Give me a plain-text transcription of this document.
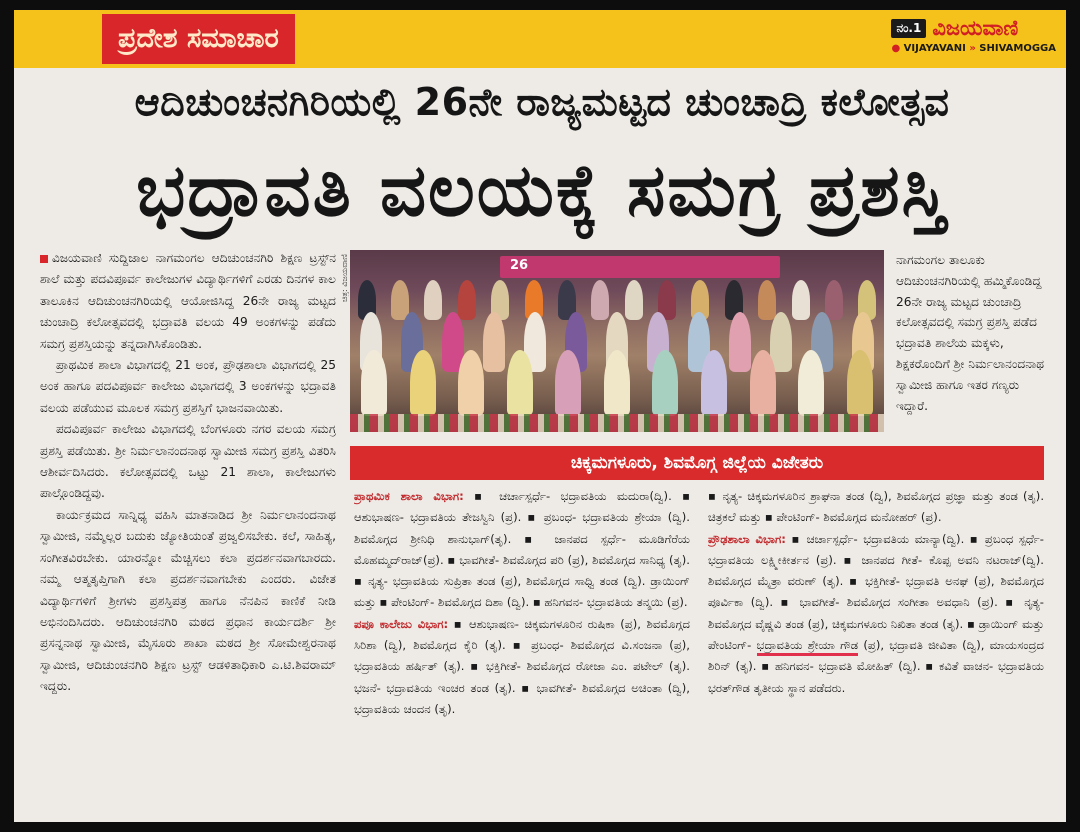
ಪ್ರದೇಶ ಸಮಾಚಾರ	ನಂ.1 ವಿಜಯವಾಣಿ
● VIJAYAVANI » SHIVAMOGGA
ಆದಿಚುಂಚನಗಿರಿಯಲ್ಲಿ 26ನೇ ರಾಜ್ಯಮಟ್ಟದ ಚುಂಚಾದ್ರಿ ಕಲೋತ್ಸವ
ಭದ್ರಾವತಿ ವಲಯಕ್ಕೆ ಸಮಗ್ರ ಪ್ರಶಸ್ತಿ

ವಿಜಯವಾಣಿ ಸುದ್ದಿಜಾಲ ನಾಗಮಂಗಲ ಆದಿಚುಂಚನಗಿರಿ ಶಿಕ್ಷಣ ಟ್ರಸ್ಟ್‌ನ ಶಾಲೆ ಮತ್ತು ಪದವಿಪೂರ್ವ ಕಾಲೇಜುಗಳ ವಿದ್ಯಾರ್ಥಿಗಳಿಗೆ ಎರಡು ದಿನಗಳ ಕಾಲ ತಾಲೂಕಿನ ಆದಿಚುಂಚನಗಿರಿಯಲ್ಲಿ ಆಯೋಜಿಸಿದ್ದ 26ನೇ ರಾಜ್ಯ ಮಟ್ಟದ ಚುಂಚಾದ್ರಿ ಕಲೋತ್ಸವದಲ್ಲಿ ಭದ್ರಾವತಿ ವಲಯ 49 ಅಂಕಗಳನ್ನು ಪಡೆದು ಸಮಗ್ರ ಪ್ರಶಸ್ತಿಯನ್ನು ತನ್ನದಾಗಿಸಿಕೊಂಡಿತು.

ಪ್ರಾಥಮಿಕ ಶಾಲಾ ವಿಭಾಗದಲ್ಲಿ 21 ಅಂಕ, ಪ್ರೌಢಶಾಲಾ ವಿಭಾಗದಲ್ಲಿ 25 ಅಂಕ ಹಾಗೂ ಪದವಿಪೂರ್ವ ಕಾಲೇಜು ವಿಭಾಗದಲ್ಲಿ 3 ಅಂಕಗಳನ್ನು ಭದ್ರಾವತಿ ವಲಯ ಪಡೆಯುವ ಮೂಲಕ ಸಮಗ್ರ ಪ್ರಶಸ್ತಿಗೆ ಭಾಜನವಾಯಿತು.

ಪದವಿಪೂರ್ವ ಕಾಲೇಜು ವಿಭಾಗದಲ್ಲಿ ಬೆಂಗಳೂರು ನಗರ ವಲಯ ಸಮಗ್ರ ಪ್ರಶಸ್ತಿ ಪಡೆಯಿತು. ಶ್ರೀ ನಿರ್ಮಲಾನಂದನಾಥ ಸ್ವಾಮೀಜಿ ಸಮಗ್ರ ಪ್ರಶಸ್ತಿ ವಿತರಿಸಿ ಆಶೀರ್ವದಿಸಿದರು. ಕಲೋತ್ಸವದಲ್ಲಿ ಒಟ್ಟು 21 ಶಾಲಾ, ಕಾಲೇಜುಗಳು ಪಾಲ್ಗೊಂಡಿದ್ದವು.

ಕಾರ್ಯಕ್ರಮದ ಸಾನ್ನಿಧ್ಯ ವಹಿಸಿ ಮಾತನಾಡಿದ ಶ್ರೀ ನಿರ್ಮಲಾನಂದನಾಥ ಸ್ವಾಮೀಜಿ, ನಮ್ಮೆಲ್ಲರ ಬದುಕು ಜ್ಯೋತಿಯಂತೆ ಪ್ರಜ್ವಲಿಸಬೇಕು. ಕಲೆ, ಸಾಹಿತ್ಯ, ಸಂಗೀತವಿರಬೇಕು. ಯಾರನ್ನೋ ಮೆಚ್ಚಿಸಲು ಕಲಾ ಪ್ರದರ್ಶನವಾಗಬಾರದು. ನಮ್ಮ ಆತ್ಮತೃಪ್ತಿಗಾಗಿ ಕಲಾ ಪ್ರದರ್ಶನವಾಗಬೇಕು ಎಂದರು. ವಿಜೇತ ವಿದ್ಯಾರ್ಥಿಗಳಿಗೆ ಶ್ರೀಗಳು ಪ್ರಶಸ್ತಿಪತ್ರ ಹಾಗೂ ನೆನಪಿನ ಕಾಣಿಕೆ ನೀಡಿ ಅಭಿನಂದಿಸಿದರು. ಆದಿಚುಂಚನಗಿರಿ ಮಠದ ಪ್ರಧಾನ ಕಾರ್ಯದರ್ಶಿ ಶ್ರೀ ಪ್ರಸನ್ನನಾಥ ಸ್ವಾಮೀಜಿ, ಮೈಸೂರು ಶಾಖಾ ಮಠದ ಶ್ರೀ ಸೋಮೇಶ್ವರನಾಥ ಸ್ವಾಮೀಜಿ, ಆದಿಚುಂಚನಗಿರಿ ಶಿಕ್ಷಣ ಟ್ರಸ್ಟ್ ಆಡಳಿತಾಧಿಕಾರಿ ಎ.ಟಿ.ಶಿವರಾಮ್ ಇದ್ದರು.

ಚಿತ್ರ: ವಿಜಯವಾಣಿ	26	ನಾಗಮಂಗಲ ತಾಲೂಕು ಆದಿಚುಂಚನಗಿರಿಯಲ್ಲಿ ಹಮ್ಮಿಕೊಂಡಿದ್ದ 26ನೇ ರಾಜ್ಯ ಮಟ್ಟದ ಚುಂಚಾದ್ರಿ ಕಲೋತ್ಸವದಲ್ಲಿ ಸಮಗ್ರ ಪ್ರಶಸ್ತಿ ಪಡೆದ ಭದ್ರಾವತಿ ಶಾಲೆಯ ಮಕ್ಕಳು, ಶಿಕ್ಷಕರೊಂದಿಗೆ ಶ್ರೀ ನಿರ್ಮಲಾನಂದನಾಥ ಸ್ವಾಮೀಜಿ ಹಾಗೂ ಇತರ ಗಣ್ಯರು ಇದ್ದಾರೆ.
ಚಿಕ್ಕಮಗಳೂರು, ಶಿವಮೊಗ್ಗ ಜಿಲ್ಲೆಯ ವಿಜೇತರು
ಪ್ರಾಥಮಿಕ ಶಾಲಾ ವಿಭಾಗ: ▪ ಚರ್ಚಾಸ್ಪರ್ಧೆ- ಭದ್ರಾವತಿಯ ಮದುರಾ(ದ್ವಿ). ▪ ಆಶುಭಾಷಣ- ಭದ್ರಾವತಿಯ ತೇಜಸ್ವಿನಿ (ಪ್ರ). ▪ ಪ್ರಬಂಧ- ಭದ್ರಾವತಿಯ ಶ್ರೇಯಾ (ದ್ವಿ). ಶಿವಮೊಗ್ಗದ ಶ್ರೀನಿಧಿ ಶಾನುಭಾಗ್(ತೃ). ▪ ಜಾನಪದ ಸ್ಪರ್ಧೆ- ಮೂಡಿಗೆರೆಯ ಮೊಹಮ್ಮದ್‌ರಾಜ್(ಪ್ರ). ▪ ಭಾವಗೀತೆ- ಶಿವಮೊಗ್ಗದ ಪರಿ (ಪ್ರ), ಶಿವಮೊಗ್ಗದ ಸಾನಿಧ್ಯ (ತೃ). ▪ ನೃತ್ಯ- ಭದ್ರಾವತಿಯ ಸುಪ್ರಿತಾ ತಂಡ (ಪ್ರ), ಶಿವಮೊಗ್ಗದ ಸಾಧ್ವಿ ತಂಡ (ದ್ವಿ). ಡ್ರಾಯಿಂಗ್ ಮತ್ತು ▪ ಪೇಂಟಿಂಗ್- ಶಿವಮೊಗ್ಗದ ದಿಶಾ (ದ್ವಿ). ▪ ಹನಿಗವನ- ಭದ್ರಾವತಿಯ ತನ್ಮಯಿ (ಪ್ರ).
ಪಪೂ ಕಾಲೇಜು ವಿಭಾಗ: ▪ ಆಶುಭಾಷಣ- ಚಿಕ್ಕಮಗಳೂರಿನ ರುಷಿಕಾ (ಪ್ರ), ಶಿವಮೊಗ್ಗದ ಸಿರಿಶಾ (ದ್ವಿ), ಶಿವಮೊಗ್ಗದ ಕೈರಿ (ತೃ). ▪ ಪ್ರಬಂಧ- ಶಿವಮೊಗ್ಗದ ವಿ.ಸಂಜನಾ (ಪ್ರ), ಭದ್ರಾವತಿಯ ಹರ್ಷಿತ್ (ತೃ). ▪ ಭಕ್ತಿಗೀತೆ- ಶಿವಮೊಗ್ಗದ ರೋಜಾ ಎಂ. ಪಟೇಲ್ (ತೃ). ಭಜನೆ- ಭದ್ರಾವತಿಯ ಇಂಚರ ತಂಡ (ತೃ). ▪ ಭಾವಗೀತೆ- ಶಿವಮೊಗ್ಗದ ಅಚಿಂತಾ (ದ್ವಿ), ಭದ್ರಾವತಿಯ ಚಂದನ (ತೃ).
▪ ನೃತ್ಯ- ಚಿಕ್ಕಮಗಳೂರಿನ ಶ್ರಾಘನಾ ತಂಡ (ದ್ವಿ), ಶಿವಮೊಗ್ಗದ ಪ್ರಜ್ಞಾ ಮತ್ತು ತಂಡ (ತೃ). ಚಿತ್ರಕಲೆ ಮತ್ತು ▪ ಪೇಂಟಿಂಗ್- ಶಿವಮೊಗ್ಗದ ಮನೋಹರ್ (ಪ್ರ).
ಪ್ರೌಢಶಾಲಾ ವಿಭಾಗ: ▪ ಚರ್ಚಾಸ್ಪರ್ಧೆ- ಭದ್ರಾವತಿಯ ಮಾನ್ಯಾ(ದ್ವಿ). ▪ ಪ್ರಬಂಧ ಸ್ಪರ್ಧೆ- ಭದ್ರಾವತಿಯ ಲಕ್ಷ್ಮೀಕೀರ್ತನ (ಪ್ರ). ▪ ಜಾನಪದ ಗೀತೆ- ಕೊಪ್ಪ ಅವನಿ ನಟರಾಜ್(ದ್ವಿ). ಶಿವಮೊಗ್ಗದ ಮೈತ್ರಾ ವರುಣ್ (ತೃ). ▪ ಭಕ್ತಿಗೀತೆ- ಭದ್ರಾವತಿ ಅನಘ (ಪ್ರ), ಶಿವಮೊಗ್ಗದ ಪೂರ್ವಿಕಾ (ದ್ವಿ). ▪ ಭಾವಗೀತೆ- ಶಿವಮೊಗ್ಗದ ಸಂಗೀತಾ ಅವಧಾನಿ (ಪ್ರ). ▪ ನೃತ್ಯ- ಶಿವಮೊಗ್ಗದ ವೈಷ್ಣವಿ ತಂಡ (ಪ್ರ), ಚಿಕ್ಕಮಗಳೂರು ನಿಖಿತಾ ತಂಡ (ತೃ). ▪ ಡ್ರಾಯಿಂಗ್ ಮತ್ತು ಪೇಂಟಿಂಗ್- ಭದ್ರಾವತಿಯ ಶ್ರೇಯಾ ಗೌಡ (ಪ್ರ), ಭದ್ರಾವತಿ ಜೀವಿತಾ (ದ್ವಿ), ಮಾಯಸಂದ್ರದ ಶಿರಿನ್ (ತೃ). ▪ ಹನಿಗವನ- ಭದ್ರಾವತಿ ಮೋಹಿತ್ (ದ್ವಿ). ▪ ಕವಿತೆ ವಾಚನ- ಭದ್ರಾವತಿಯ ಭರತ್‌ಗೌಡ ತೃತೀಯ ಸ್ಥಾನ ಪಡೆದರು.
